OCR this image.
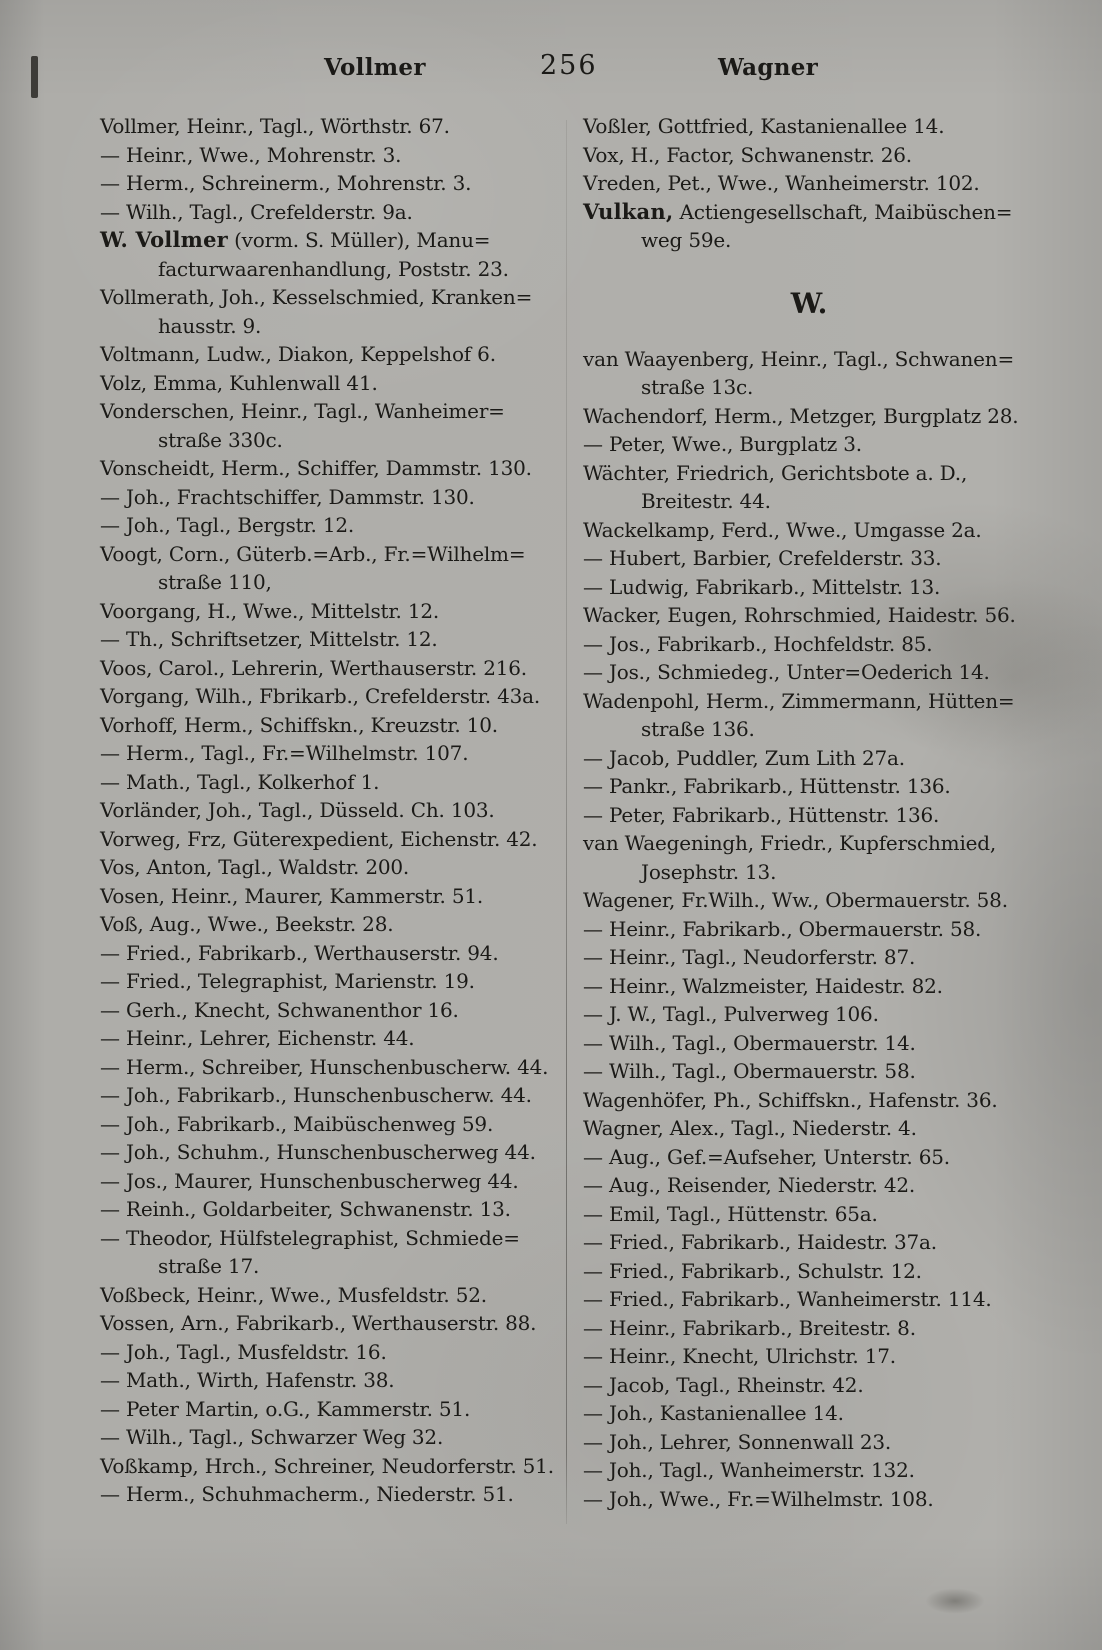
Vollmer	256	Wagner
Vollmer, Heinr., Tagl., Wörthstr. 67.
— Heinr., Wwe., Mohrenstr. 3.
— Herm., Schreinerm., Mohrenstr. 3.
— Wilh., Tagl., Crefelderstr. 9a.
W. Vollmer (vorm. S. Müller), Manu=
facturwaarenhandlung, Poststr. 23.
Vollmerath, Joh., Kesselschmied, Kranken=
hausstr. 9.
Voltmann, Ludw., Diakon, Keppelshof 6.
Volz, Emma, Kuhlenwall 41.
Vonderschen, Heinr., Tagl., Wanheimer=
straße 330c.
Vonscheidt, Herm., Schiffer, Dammstr. 130.
— Joh., Frachtschiffer, Dammstr. 130.
— Joh., Tagl., Bergstr. 12.
Voogt, Corn., Güterb.=Arb., Fr.=Wilhelm=
straße 110,
Voorgang, H., Wwe., Mittelstr. 12.
— Th., Schriftsetzer, Mittelstr. 12.
Voos, Carol., Lehrerin, Werthauserstr. 216.
Vorgang, Wilh., Fbrikarb., Crefelderstr. 43a.
Vorhoff, Herm., Schiffskn., Kreuzstr. 10.
— Herm., Tagl., Fr.=Wilhelmstr. 107.
— Math., Tagl., Kolkerhof 1.
Vorländer, Joh., Tagl., Düsseld. Ch. 103.
Vorweg, Frz, Güterexpedient, Eichenstr. 42.
Vos, Anton, Tagl., Waldstr. 200.
Vosen, Heinr., Maurer, Kammerstr. 51.
Voß, Aug., Wwe., Beekstr. 28.
— Fried., Fabrikarb., Werthauserstr. 94.
— Fried., Telegraphist, Marienstr. 19.
— Gerh., Knecht, Schwanenthor 16.
— Heinr., Lehrer, Eichenstr. 44.
— Herm., Schreiber, Hunschenbuscherw. 44.
— Joh., Fabrikarb., Hunschenbuscherw. 44.
— Joh., Fabrikarb., Maibüschenweg 59.
— Joh., Schuhm., Hunschenbuscherweg 44.
— Jos., Maurer, Hunschenbuscherweg 44.
— Reinh., Goldarbeiter, Schwanenstr. 13.
— Theodor, Hülfstelegraphist, Schmiede=
straße 17.
Voßbeck, Heinr., Wwe., Musfeldstr. 52.
Vossen, Arn., Fabrikarb., Werthauserstr. 88.
— Joh., Tagl., Musfeldstr. 16.
— Math., Wirth, Hafenstr. 38.
— Peter Martin, o.G., Kammerstr. 51.
— Wilh., Tagl., Schwarzer Weg 32.
Voßkamp, Hrch., Schreiner, Neudorferstr. 51.
— Herm., Schuhmacherm., Niederstr. 51.
Voßler, Gottfried, Kastanienallee 14.
Vox, H., Factor, Schwanenstr. 26.
Vreden, Pet., Wwe., Wanheimerstr. 102.
Vulkan, Actiengesellschaft, Maibüschen=
weg 59e.
W.
van Waayenberg, Heinr., Tagl., Schwanen=
straße 13c.
Wachendorf, Herm., Metzger, Burgplatz 28.
— Peter, Wwe., Burgplatz 3.
Wächter, Friedrich, Gerichtsbote a. D.,
Breitestr. 44.
Wackelkamp, Ferd., Wwe., Umgasse 2a.
— Hubert, Barbier, Crefelderstr. 33.
— Ludwig, Fabrikarb., Mittelstr. 13.
Wacker, Eugen, Rohrschmied, Haidestr. 56.
— Jos., Fabrikarb., Hochfeldstr. 85.
— Jos., Schmiedeg., Unter=Oederich 14.
Wadenpohl, Herm., Zimmermann, Hütten=
straße 136.
— Jacob, Puddler, Zum Lith 27a.
— Pankr., Fabrikarb., Hüttenstr. 136.
— Peter, Fabrikarb., Hüttenstr. 136.
van Waegeningh, Friedr., Kupferschmied,
Josephstr. 13.
Wagener, Fr.Wilh., Ww., Obermauerstr. 58.
— Heinr., Fabrikarb., Obermauerstr. 58.
— Heinr., Tagl., Neudorferstr. 87.
— Heinr., Walzmeister, Haidestr. 82.
— J. W., Tagl., Pulverweg 106.
— Wilh., Tagl., Obermauerstr. 14.
— Wilh., Tagl., Obermauerstr. 58.
Wagenhöfer, Ph., Schiffskn., Hafenstr. 36.
Wagner, Alex., Tagl., Niederstr. 4.
— Aug., Gef.=Aufseher, Unterstr. 65.
— Aug., Reisender, Niederstr. 42.
— Emil, Tagl., Hüttenstr. 65a.
— Fried., Fabrikarb., Haidestr. 37a.
— Fried., Fabrikarb., Schulstr. 12.
— Fried., Fabrikarb., Wanheimerstr. 114.
— Heinr., Fabrikarb., Breitestr. 8.
— Heinr., Knecht, Ulrichstr. 17.
— Jacob, Tagl., Rheinstr. 42.
— Joh., Kastanienallee 14.
— Joh., Lehrer, Sonnenwall 23.
— Joh., Tagl., Wanheimerstr. 132.
— Joh., Wwe., Fr.=Wilhelmstr. 108.
